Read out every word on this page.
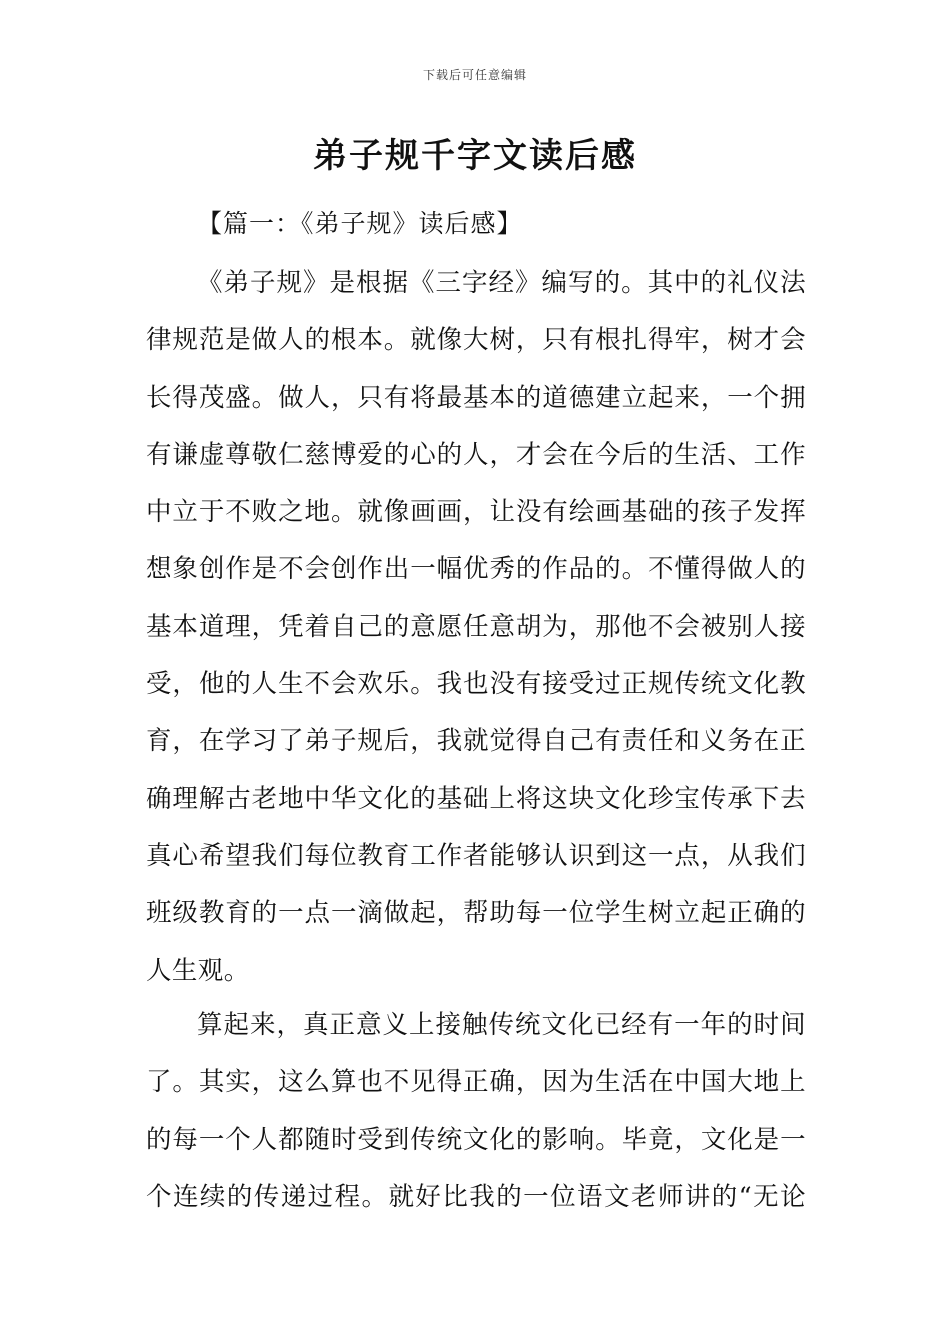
下载后可任意编辑
弟子规千字文读后感
【篇一：《弟子规》读后感】
《弟子规》是根据《三字经》编写的。其中的礼仪法
律规范是做人的根本。就像大树，只有根扎得牢，树才会
长得茂盛。做人，只有将最基本的道德建立起来，一个拥
有谦虚尊敬仁慈博爱的心的人，才会在今后的生活、工作
中立于不败之地。就像画画，让没有绘画基础的孩子发挥
想象创作是不会创作出一幅优秀的作品的。不懂得做人的
基本道理，凭着自己的意愿任意胡为，那他不会被别人接
受，他的人生不会欢乐。我也没有接受过正规传统文化教
育，在学习了弟子规后，我就觉得自己有责任和义务在正
确理解古老地中华文化的基础上将这块文化珍宝传承下去
真心希望我们每位教育工作者能够认识到这一点，从我们
班级教育的一点一滴做起，帮助每一位学生树立起正确的
人生观。
算起来，真正意义上接触传统文化已经有一年的时间
了。其实，这么算也不见得正确，因为生活在中国大地上
的每一个人都随时受到传统文化的影响。毕竟，文化是一
个连续的传递过程。就好比我的一位语文老师讲的“无论
